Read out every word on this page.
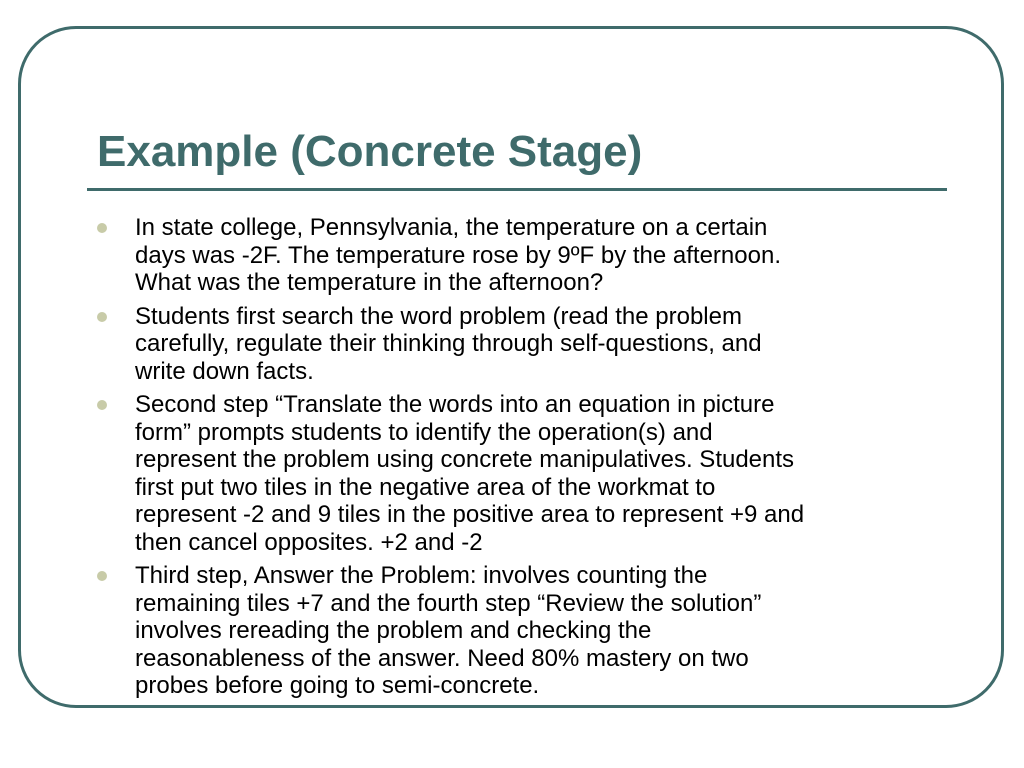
Example (Concrete Stage)
In state college, Pennsylvania, the temperature on a certain
days was -2F. The temperature rose by 9ºF by the afternoon.
What was the temperature in the afternoon?
Students first search the word problem (read the problem
carefully, regulate their thinking through self-questions, and
write down facts.
Second step “Translate the words into an equation in picture
form” prompts students to identify the operation(s) and
represent the problem using concrete manipulatives. Students
first put two tiles in the negative area of the workmat to
represent -2 and 9 tiles in the positive area to represent +9 and
then cancel opposites. +2 and -2
Third step, Answer the Problem: involves counting the
remaining tiles +7 and the fourth step “Review the solution”
involves rereading the problem and checking the
reasonableness of the answer. Need 80% mastery on two
probes before going to semi-concrete.
